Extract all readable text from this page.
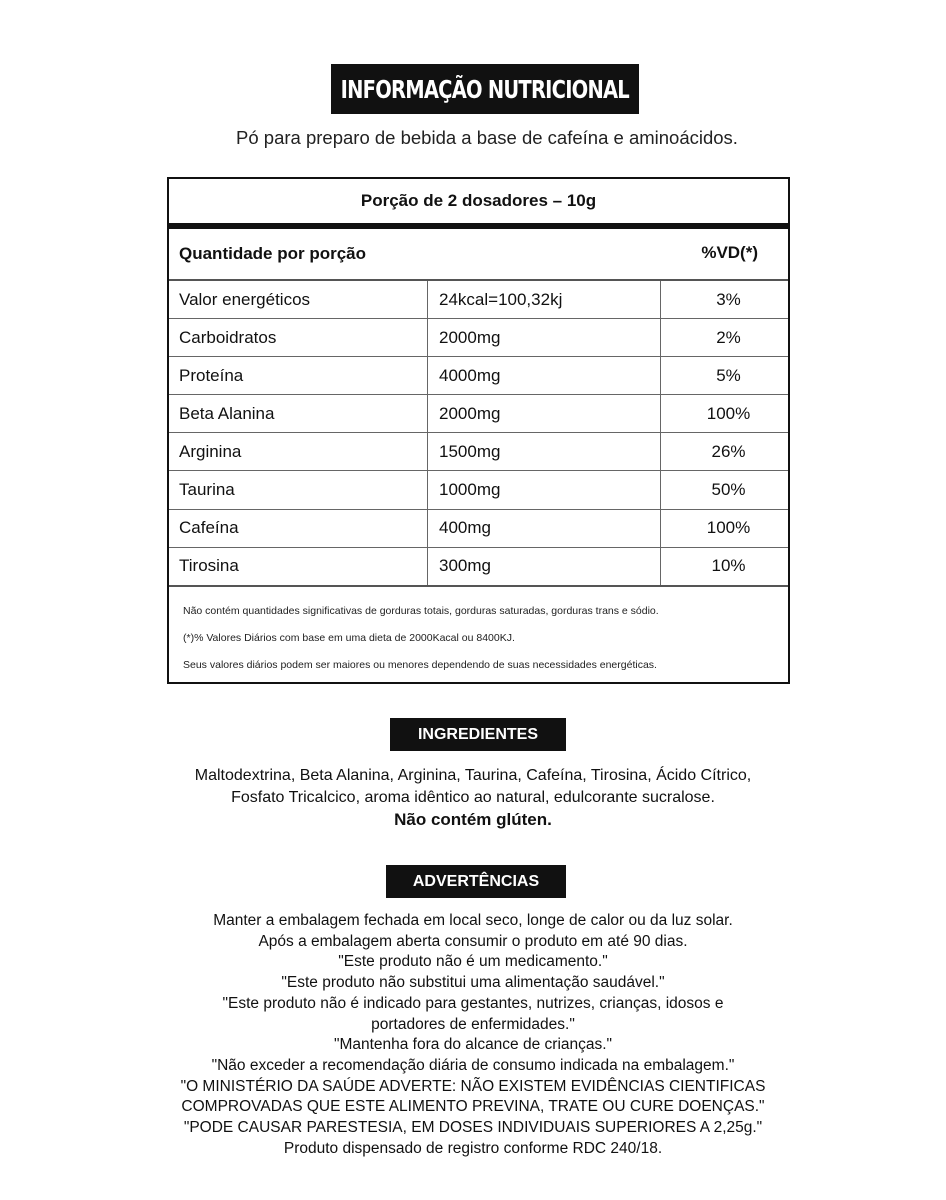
INFORMAÇÃO NUTRICIONAL
Pó para preparo de bebida a base de cafeína e aminoácidos.
Porção de 2 dosadores – 10g
Quantidade por porção	%VD(*)
Valor energéticos	24kcal=100,32kj	3%
Carboidratos	2000mg	2%
Proteína	4000mg	5%
Beta Alanina	2000mg	100%
Arginina	1500mg	26%
Taurina	1000mg	50%
Cafeína	400mg	100%
Tirosina	300mg	10%
Não contém quantidades significativas de gorduras totais, gorduras saturadas, gorduras trans e sódio.
(*)% Valores Diários com base em uma dieta de 2000Kacal ou 8400KJ.
Seus valores diários podem ser maiores ou menores dependendo de suas necessidades energéticas.
INGREDIENTES
Maltodextrina, Beta Alanina, Arginina, Taurina, Cafeína, Tirosina, Ácido Cítrico,
Fosfato Tricalcico, aroma idêntico ao natural, edulcorante sucralose.
Não contém glúten.
ADVERTÊNCIAS
Manter a embalagem fechada em local seco, longe de calor ou da luz solar.
Após a embalagem aberta consumir o produto em até 90 dias.
"Este produto não é um medicamento."
"Este produto não substitui uma alimentação saudável."
"Este produto não é indicado para gestantes, nutrizes, crianças, idosos e
portadores de enfermidades."
"Mantenha fora do alcance de crianças."
"Não exceder a recomendação diária de consumo indicada na embalagem."
"O MINISTÉRIO DA SAÚDE ADVERTE: NÃO EXISTEM EVIDÊNCIAS CIENTIFICAS
COMPROVADAS QUE ESTE ALIMENTO PREVINA, TRATE OU CURE DOENÇAS."
"PODE CAUSAR PARESTESIA, EM DOSES INDIVIDUAIS SUPERIORES A 2,25g."
Produto dispensado de registro conforme RDC 240/18.
